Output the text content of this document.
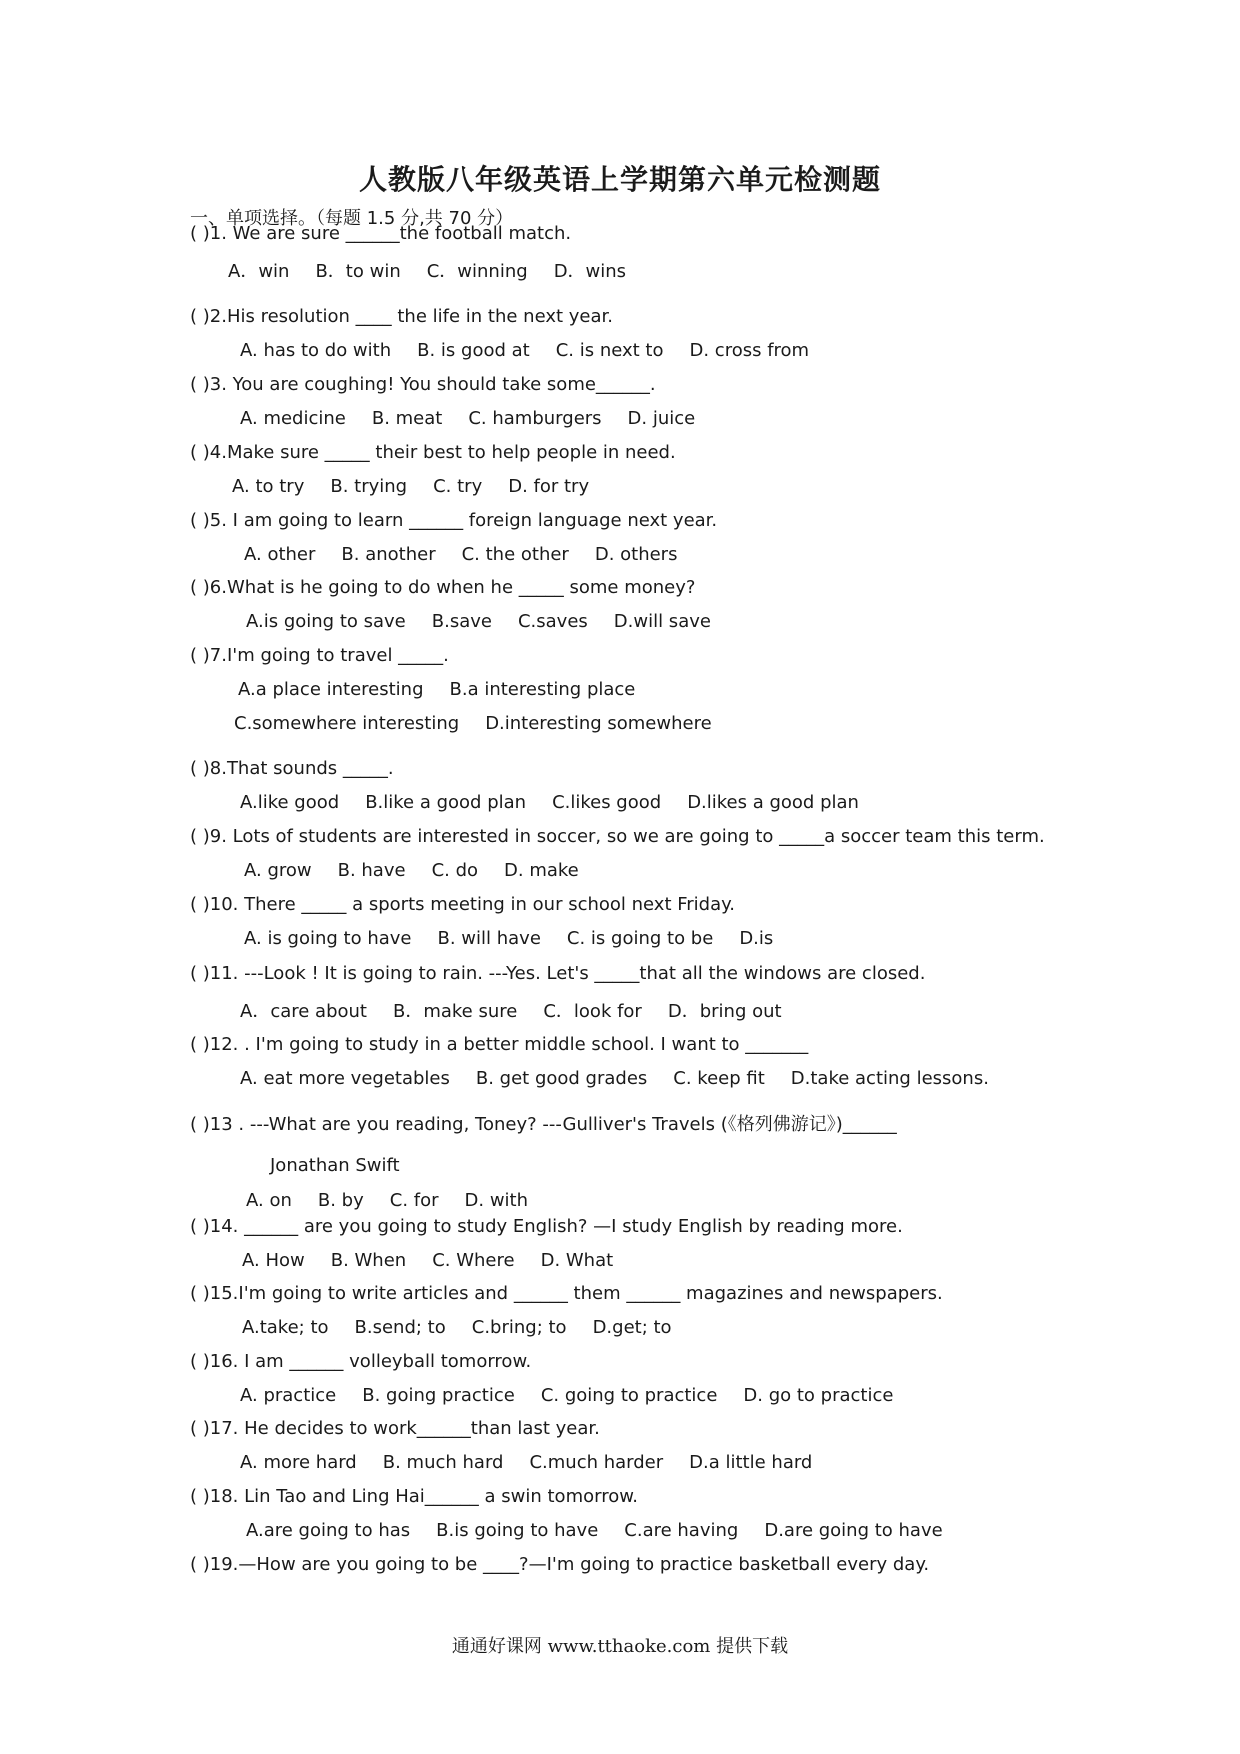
人教版八年级英语上学期第六单元检测题
一、单项选择。（每题 1.5 分,共 70 分）
( )1. We are sure ______the football match.
A．win B．to win C．winning D．wins
( )2.His resolution ____ the life in the next year.
A. has to do with B. is good at C. is next to D. cross from
( )3. You are coughing! You should take some______.
A. medicine B. meat C. hamburgers D. juice
( )4.Make sure _____ their best to help people in need.
A. to try B. trying C. try D. for try
( )5. I am going to learn ______ foreign language next year.
A. other B. another C. the other D. others
( )6.What is he going to do when he _____ some money?
A.is going to save B.save C.saves D.will save
( )7.I'm going to travel _____.
A.a place interesting B.a interesting place
C.somewhere interesting D.interesting somewhere
( )8.That sounds _____.
A.like good B.like a good plan C.likes good D.likes a good plan
( )9. Lots of students are interested in soccer, so we are going to _____a soccer team this term.
A. grow B. have C. do D. make
( )10. There _____ a sports meeting in our school next Friday.
A. is going to have B. will have C. is going to be D.is
( )11. ---Look ! It is going to rain. ---Yes. Let's _____that all the windows are closed.
A．care about B．make sure C．look for D．bring out
( )12. . I'm going to study in a better middle school. I want to _______
A. eat more vegetables B. get good grades C. keep fit D.take acting lessons.
( )13 . ---What are you reading, Toney? ---Gulliver's Travels (《格列佛游记》)______
Jonathan Swift
A. on B. by C. for D. with
( )14. ______ are you going to study English? —I study English by reading more.
A. How B. When C. Where D. What
( )15.I'm going to write articles and ______ them ______ magazines and newspapers.
A.take; to B.send; to C.bring; to D.get; to
( )16. I am ______ volleyball tomorrow.
A. practice B. going practice C. going to practice D. go to practice
( )17. He decides to work______than last year.
A. more hard B. much hard C.much harder D.a little hard
( )18. Lin Tao and Ling Hai______ a swin tomorrow.
A.are going to has B.is going to have C.are having D.are going to have
( )19.—How are you going to be ____?—I'm going to practice basketball every day.
通通好课网 www.tthaoke.com 提供下载
